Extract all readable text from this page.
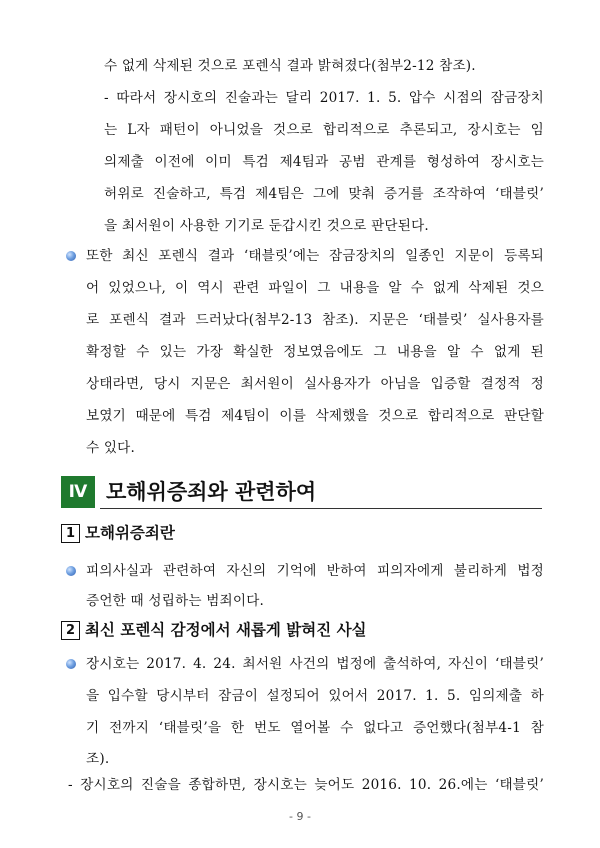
수 없게 삭제된 것으로 포렌식 결과 밝혀졌다(첨부2-12 참조).
- 따라서 장시호의 진술과는 달리 2017. 1. 5. 압수 시점의 잠금장치
는 L자 패턴이 아니었을 것으로 합리적으로 추론되고, 장시호는 임
의제출 이전에 이미 특검 제4팀과 공범 관계를 형성하여 장시호는
허위로 진술하고, 특검 제4팀은 그에 맞춰 증거를 조작하여 ‘태블릿’
을 최서원이 사용한 기기로 둔갑시킨 것으로 판단된다.
또한 최신 포렌식 결과 ‘태블릿’에는 잠금장치의 일종인 지문이 등록되
어 있었으나, 이 역시 관련 파일이 그 내용을 알 수 없게 삭제된 것으
로 포렌식 결과 드러났다(첨부2-13 참조). 지문은 ‘태블릿’ 실사용자를
확정할 수 있는 가장 확실한 정보였음에도 그 내용을 알 수 없게 된
상태라면, 당시 지문은 최서원이 실사용자가 아님을 입증할 결정적 정
보였기 때문에 특검 제4팀이 이를 삭제했을 것으로 합리적으로 판단할
수 있다.
Ⅳ 모해위증죄와 관련하여
1 모해위증죄란
피의사실과 관련하여 자신의 기억에 반하여 피의자에게 불리하게 법정
증언한 때 성립하는 범죄이다.
2 최신 포렌식 감정에서 새롭게 밝혀진 사실
장시호는 2017. 4. 24. 최서원 사건의 법정에 출석하여, 자신이 ‘태블릿’
을 입수할 당시부터 잠금이 설정되어 있어서 2017. 1. 5. 임의제출 하
기 전까지 ‘태블릿’을 한 번도 열어볼 수 없다고 증언했다(첨부4-1 참
조).
- 장시호의 진술을 종합하면, 장시호는 늦어도 2016. 10. 26.에는 ‘태블릿’
- 9 -
